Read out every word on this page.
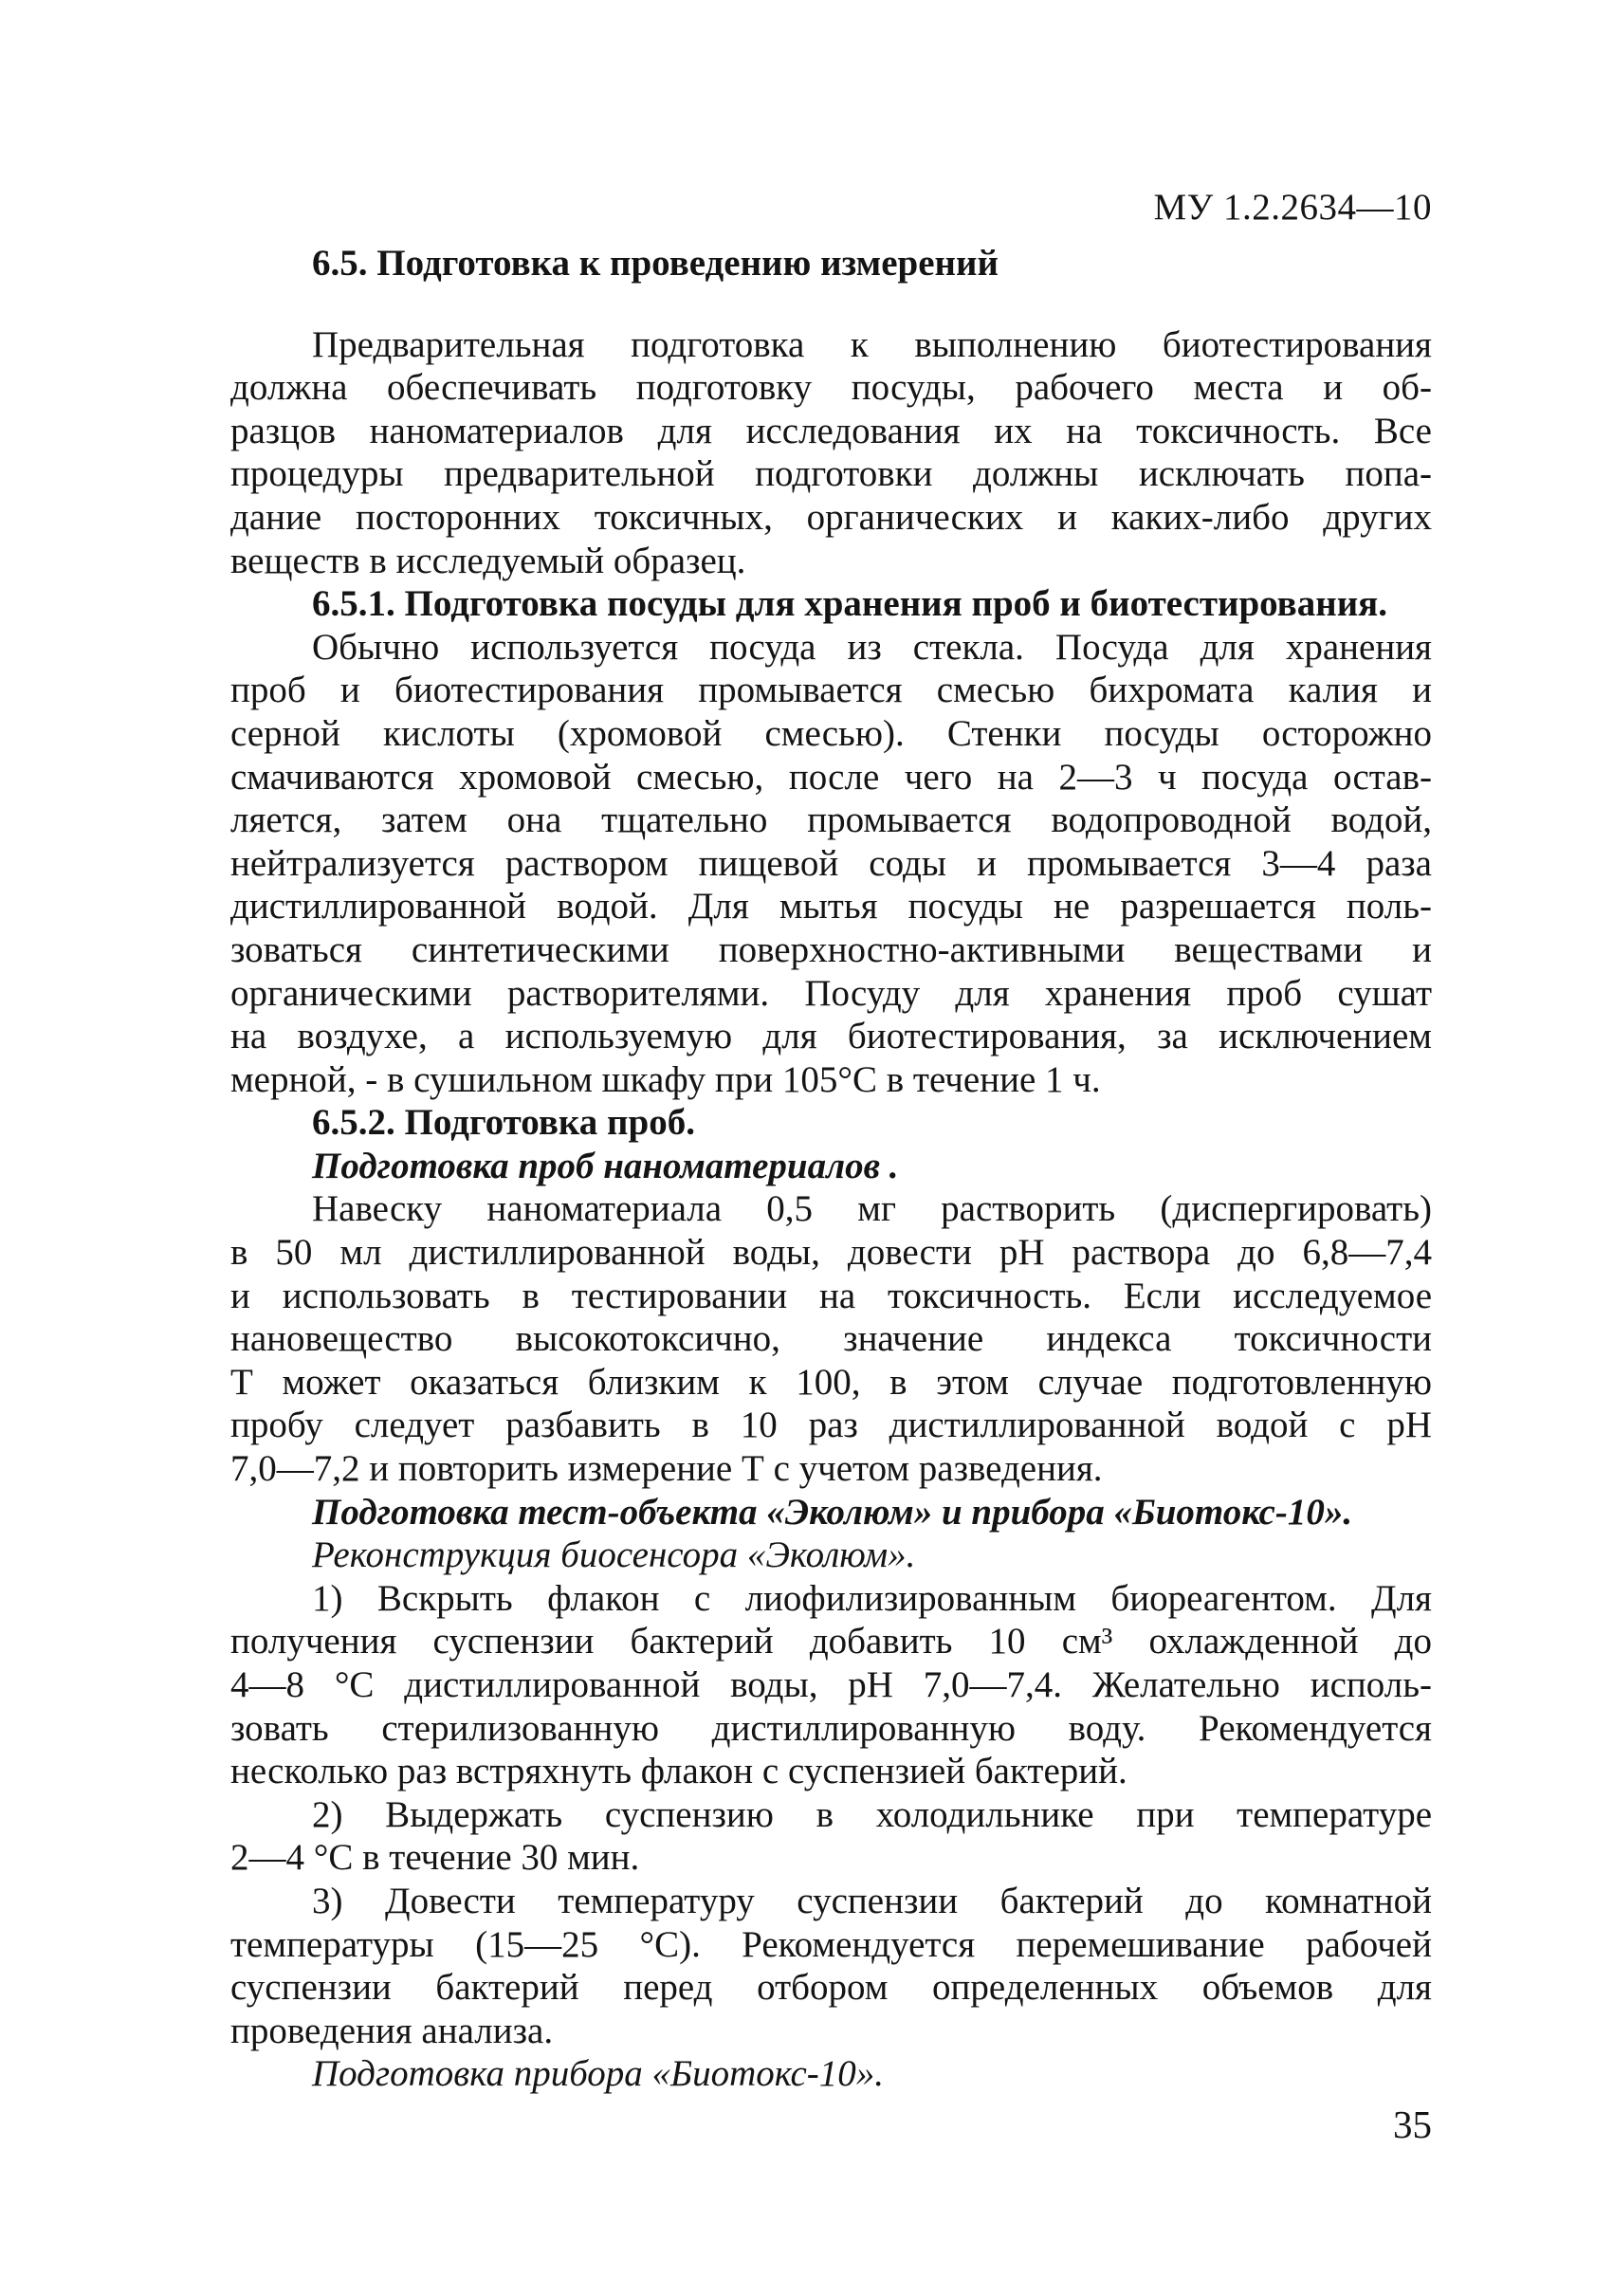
МУ 1.2.2634—10
6.5. Подготовка к проведению измерений
Предварительная подготовка к выполнению биотестирования
должна обеспечивать подготовку посуды, рабочего места и об-
разцов наноматериалов для исследования их на токсичность. Все
процедуры предварительной подготовки должны исключать попа-
дание посторонних токсичных, органических и каких-либо других
веществ в исследуемый образец.
6.5.1. Подготовка посуды для хранения проб и биотестирования.
Обычно используется посуда из стекла. Посуда для хранения
проб и биотестирования промывается смесью бихромата калия и
серной кислоты (хромовой смесью). Стенки посуды осторожно
смачиваются хромовой смесью, после чего на 2—3 ч посуда остав-
ляется, затем она тщательно промывается водопроводной водой,
нейтрализуется раствором пищевой соды и промывается 3—4 раза
дистиллированной водой. Для мытья посуды не разрешается поль-
зоваться синтетическими поверхностно-активными веществами и
органическими растворителями. Посуду для хранения проб сушат
на воздухе, а используемую для биотестирования, за исключением
мерной, - в сушильном шкафу при 105°С в течение 1 ч.
6.5.2. Подготовка проб.
Подготовка проб наноматериалов .
Навеску наноматериала 0,5 мг растворить (диспергировать)
в 50 мл дистиллированной воды, довести рН раствора до 6,8—7,4
и использовать в тестировании на токсичность. Если исследуемое
нановещество высокотоксично, значение индекса токсичности
Т может оказаться близким к 100, в этом случае подготовленную
пробу следует разбавить в 10 раз дистиллированной водой с рН
7,0—7,2 и повторить измерение Т с учетом разведения.
Подготовка тест-объекта «Эколюм» и прибора «Биотокс-10».
Реконструкция биосенсора «Эколюм».
1) Вскрыть флакон с лиофилизированным биореагентом. Для
получения суспензии бактерий добавить 10 см³ охлажденной до
4—8 °С дистиллированной воды, рН 7,0—7,4. Желательно исполь-
зовать стерилизованную дистиллированную воду. Рекомендуется
несколько раз встряхнуть флакон с суспензией бактерий.
2) Выдержать суспензию в холодильнике при температуре
2—4 °С в течение 30 мин.
3) Довести температуру суспензии бактерий до комнатной
температуры (15—25 °С). Рекомендуется перемешивание рабочей
суспензии бактерий перед отбором определенных объемов для
проведения анализа.
Подготовка прибора «Биотокс-10».
35
